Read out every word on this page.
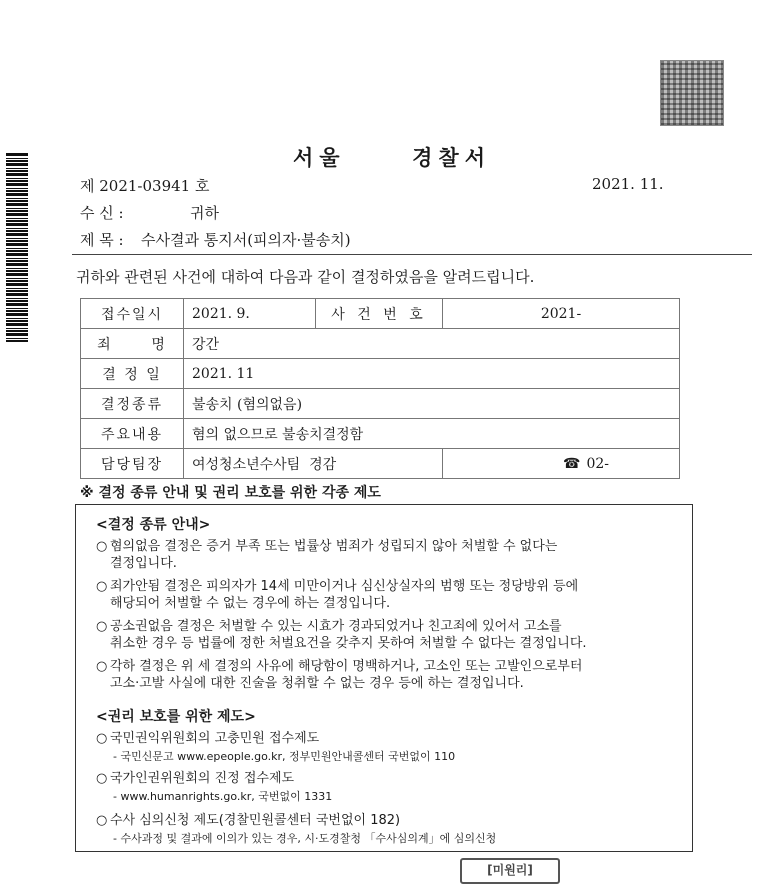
서울     경찰서
제 2021-03941 호	2021. 11.
수 신 :	귀하
제 목 : 수사결과 통지서(피의자·불송치)
귀하와 관련된 사건에 대하여 다음과 같이 결정하였음을 알려드립니다.
접수일시	2021. 9.	사 건 번 호	2021-
죄      명	강간		
결 정 일	2021. 11		
결정종류	불송치 (혐의없음)		
주요내용	혐의 없으므로 불송치결정함		
담당팀장	여성청소년수사팀  경감		☎ 02-
※ 결정 종류 안내 및 권리 보호를 위한 각종 제도
<결정 종류 안내>
○ 혐의없음 결정은 증거 부족 또는 법률상 범죄가 성립되지 않아 처벌할 수 없다는
결정입니다.
○ 죄가안됨 결정은 피의자가 14세 미만이거나 심신상실자의 범행 또는 정당방위 등에
해당되어 처벌할 수 없는 경우에 하는 결정입니다.
○ 공소권없음 결정은 처벌할 수 있는 시효가 경과되었거나 친고죄에 있어서 고소를
취소한 경우 등 법률에 정한 처벌요건을 갖추지 못하여 처벌할 수 없다는 결정입니다.
○ 각하 결정은 위 세 결정의 사유에 해당함이 명백하거나, 고소인 또는 고발인으로부터
고소·고발 사실에 대한 진술을 청취할 수 없는 경우 등에 하는 결정입니다.
<권리 보호를 위한 제도>
○ 국민권익위원회의 고충민원 접수제도
- 국민신문고 www.epeople.go.kr, 정부민원안내콜센터 국번없이 110
○ 국가인권위원회의 진정 접수제도
- www.humanrights.go.kr, 국번없이 1331
○ 수사 심의신청 제도(경찰민원콜센터 국번없이 182)
- 수사과정 및 결과에 이의가 있는 경우, 시·도경찰청 「수사심의계」에 심의신청
[미원리]
